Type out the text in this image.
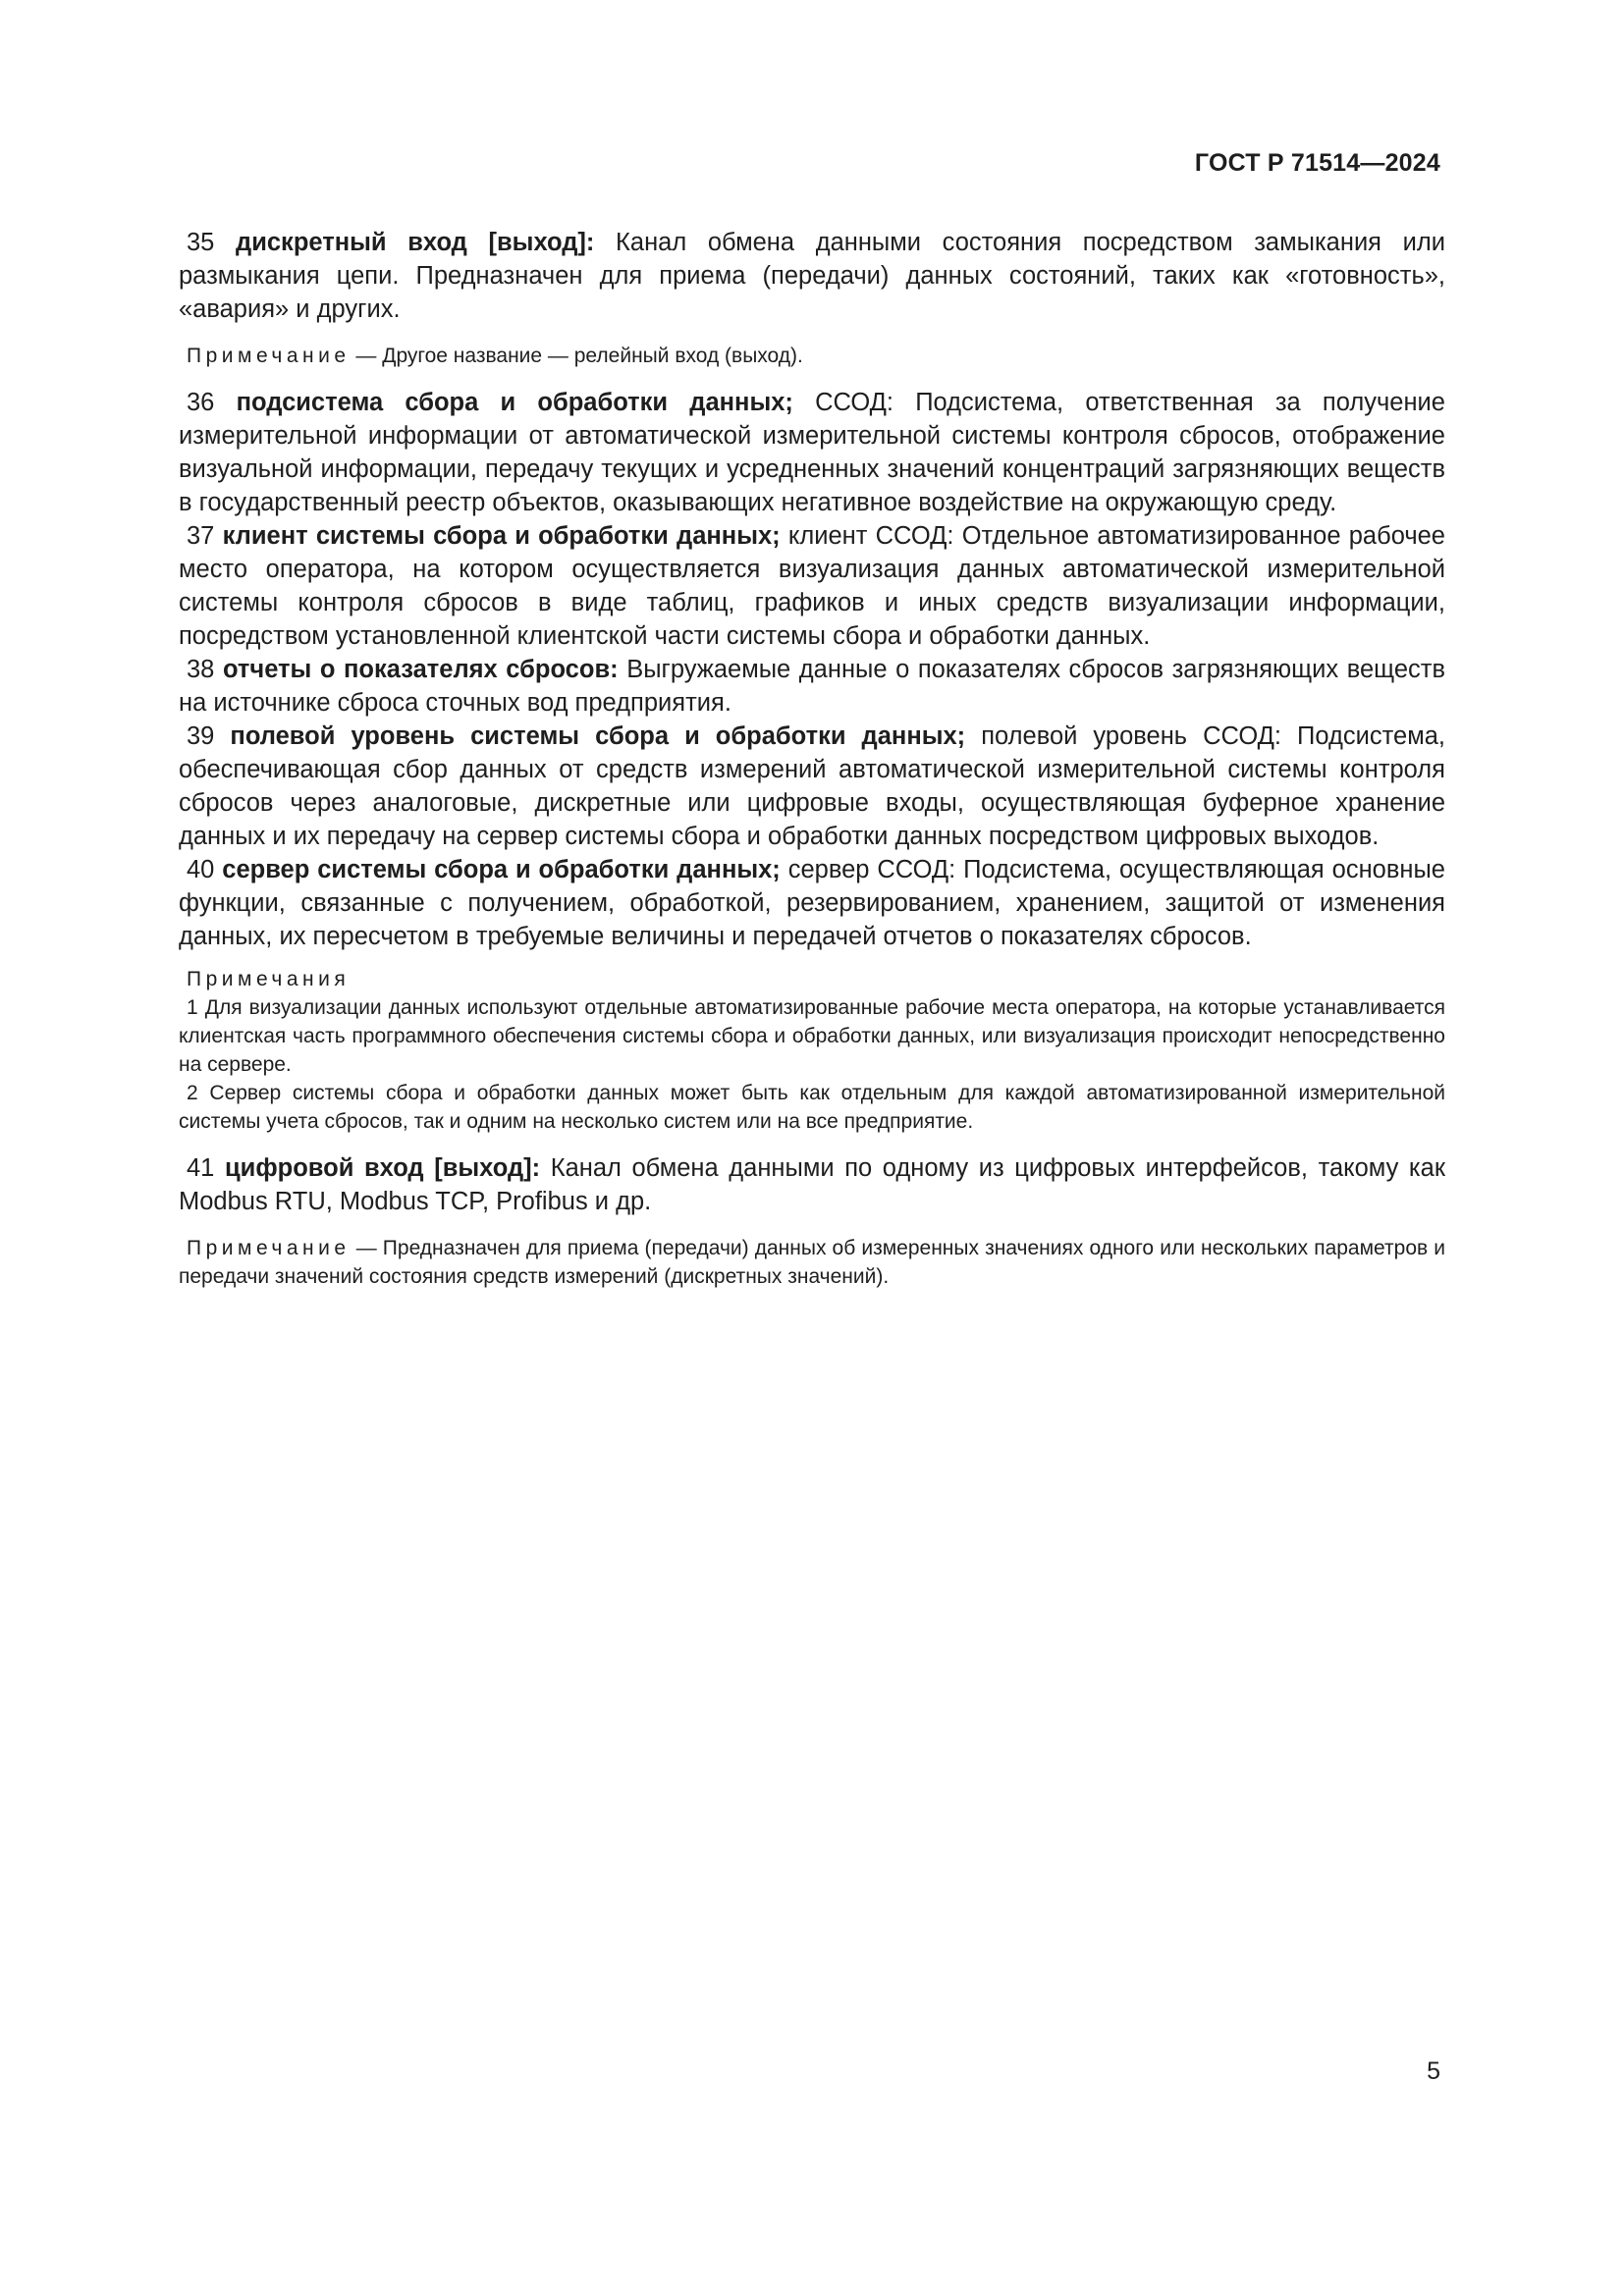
ГОСТ Р 71514—2024

35 дискретный вход [выход]: Канал обмена данными состояния посредством замыкания или размыкания цепи. Предназначен для приема (передачи) данных состояний, таких как «готовность», «авария» и других.

Примечание — Другое название — релейный вход (выход).

36 подсистема сбора и обработки данных; ССОД: Подсистема, ответственная за получение измерительной информации от автоматической измерительной системы контроля сбросов, отображение визуальной информации, передачу текущих и усредненных значений концентраций загрязняющих веществ в государственный реестр объектов, оказывающих негативное воздействие на окружающую среду.

37 клиент системы сбора и обработки данных; клиент ССОД: Отдельное автоматизированное рабочее место оператора, на котором осуществляется визуализация данных автоматической измерительной системы контроля сбросов в виде таблиц, графиков и иных средств визуализации информации, посредством установленной клиентской части системы сбора и обработки данных.

38 отчеты о показателях сбросов: Выгружаемые данные о показателях сбросов загрязняющих веществ на источнике сброса сточных вод предприятия.

39 полевой уровень системы сбора и обработки данных; полевой уровень ССОД: Подсистема, обеспечивающая сбор данных от средств измерений автоматической измерительной системы контроля сбросов через аналоговые, дискретные или цифровые входы, осуществляющая буферное хранение данных и их передачу на сервер системы сбора и обработки данных посредством цифровых выходов.

40 сервер системы сбора и обработки данных; сервер ССОД: Подсистема, осуществляющая основные функции, связанные с получением, обработкой, резервированием, хранением, защитой от изменения данных, их пересчетом в требуемые величины и передачей отчетов о показателях сбросов.

Примечания

1 Для визуализации данных используют отдельные автоматизированные рабочие места оператора, на которые устанавливается клиентская часть программного обеспечения системы сбора и обработки данных, или визуализация происходит непосредственно на сервере.

2 Сервер системы сбора и обработки данных может быть как отдельным для каждой автоматизированной измерительной системы учета сбросов, так и одним на несколько систем или на все предприятие.

41 цифровой вход [выход]: Канал обмена данными по одному из цифровых интерфейсов, такому как Modbus RTU, Modbus TCP, Profibus и др.

Примечание — Предназначен для приема (передачи) данных об измеренных значениях одного или нескольких параметров и передачи значений состояния средств измерений (дискретных значений).

5
